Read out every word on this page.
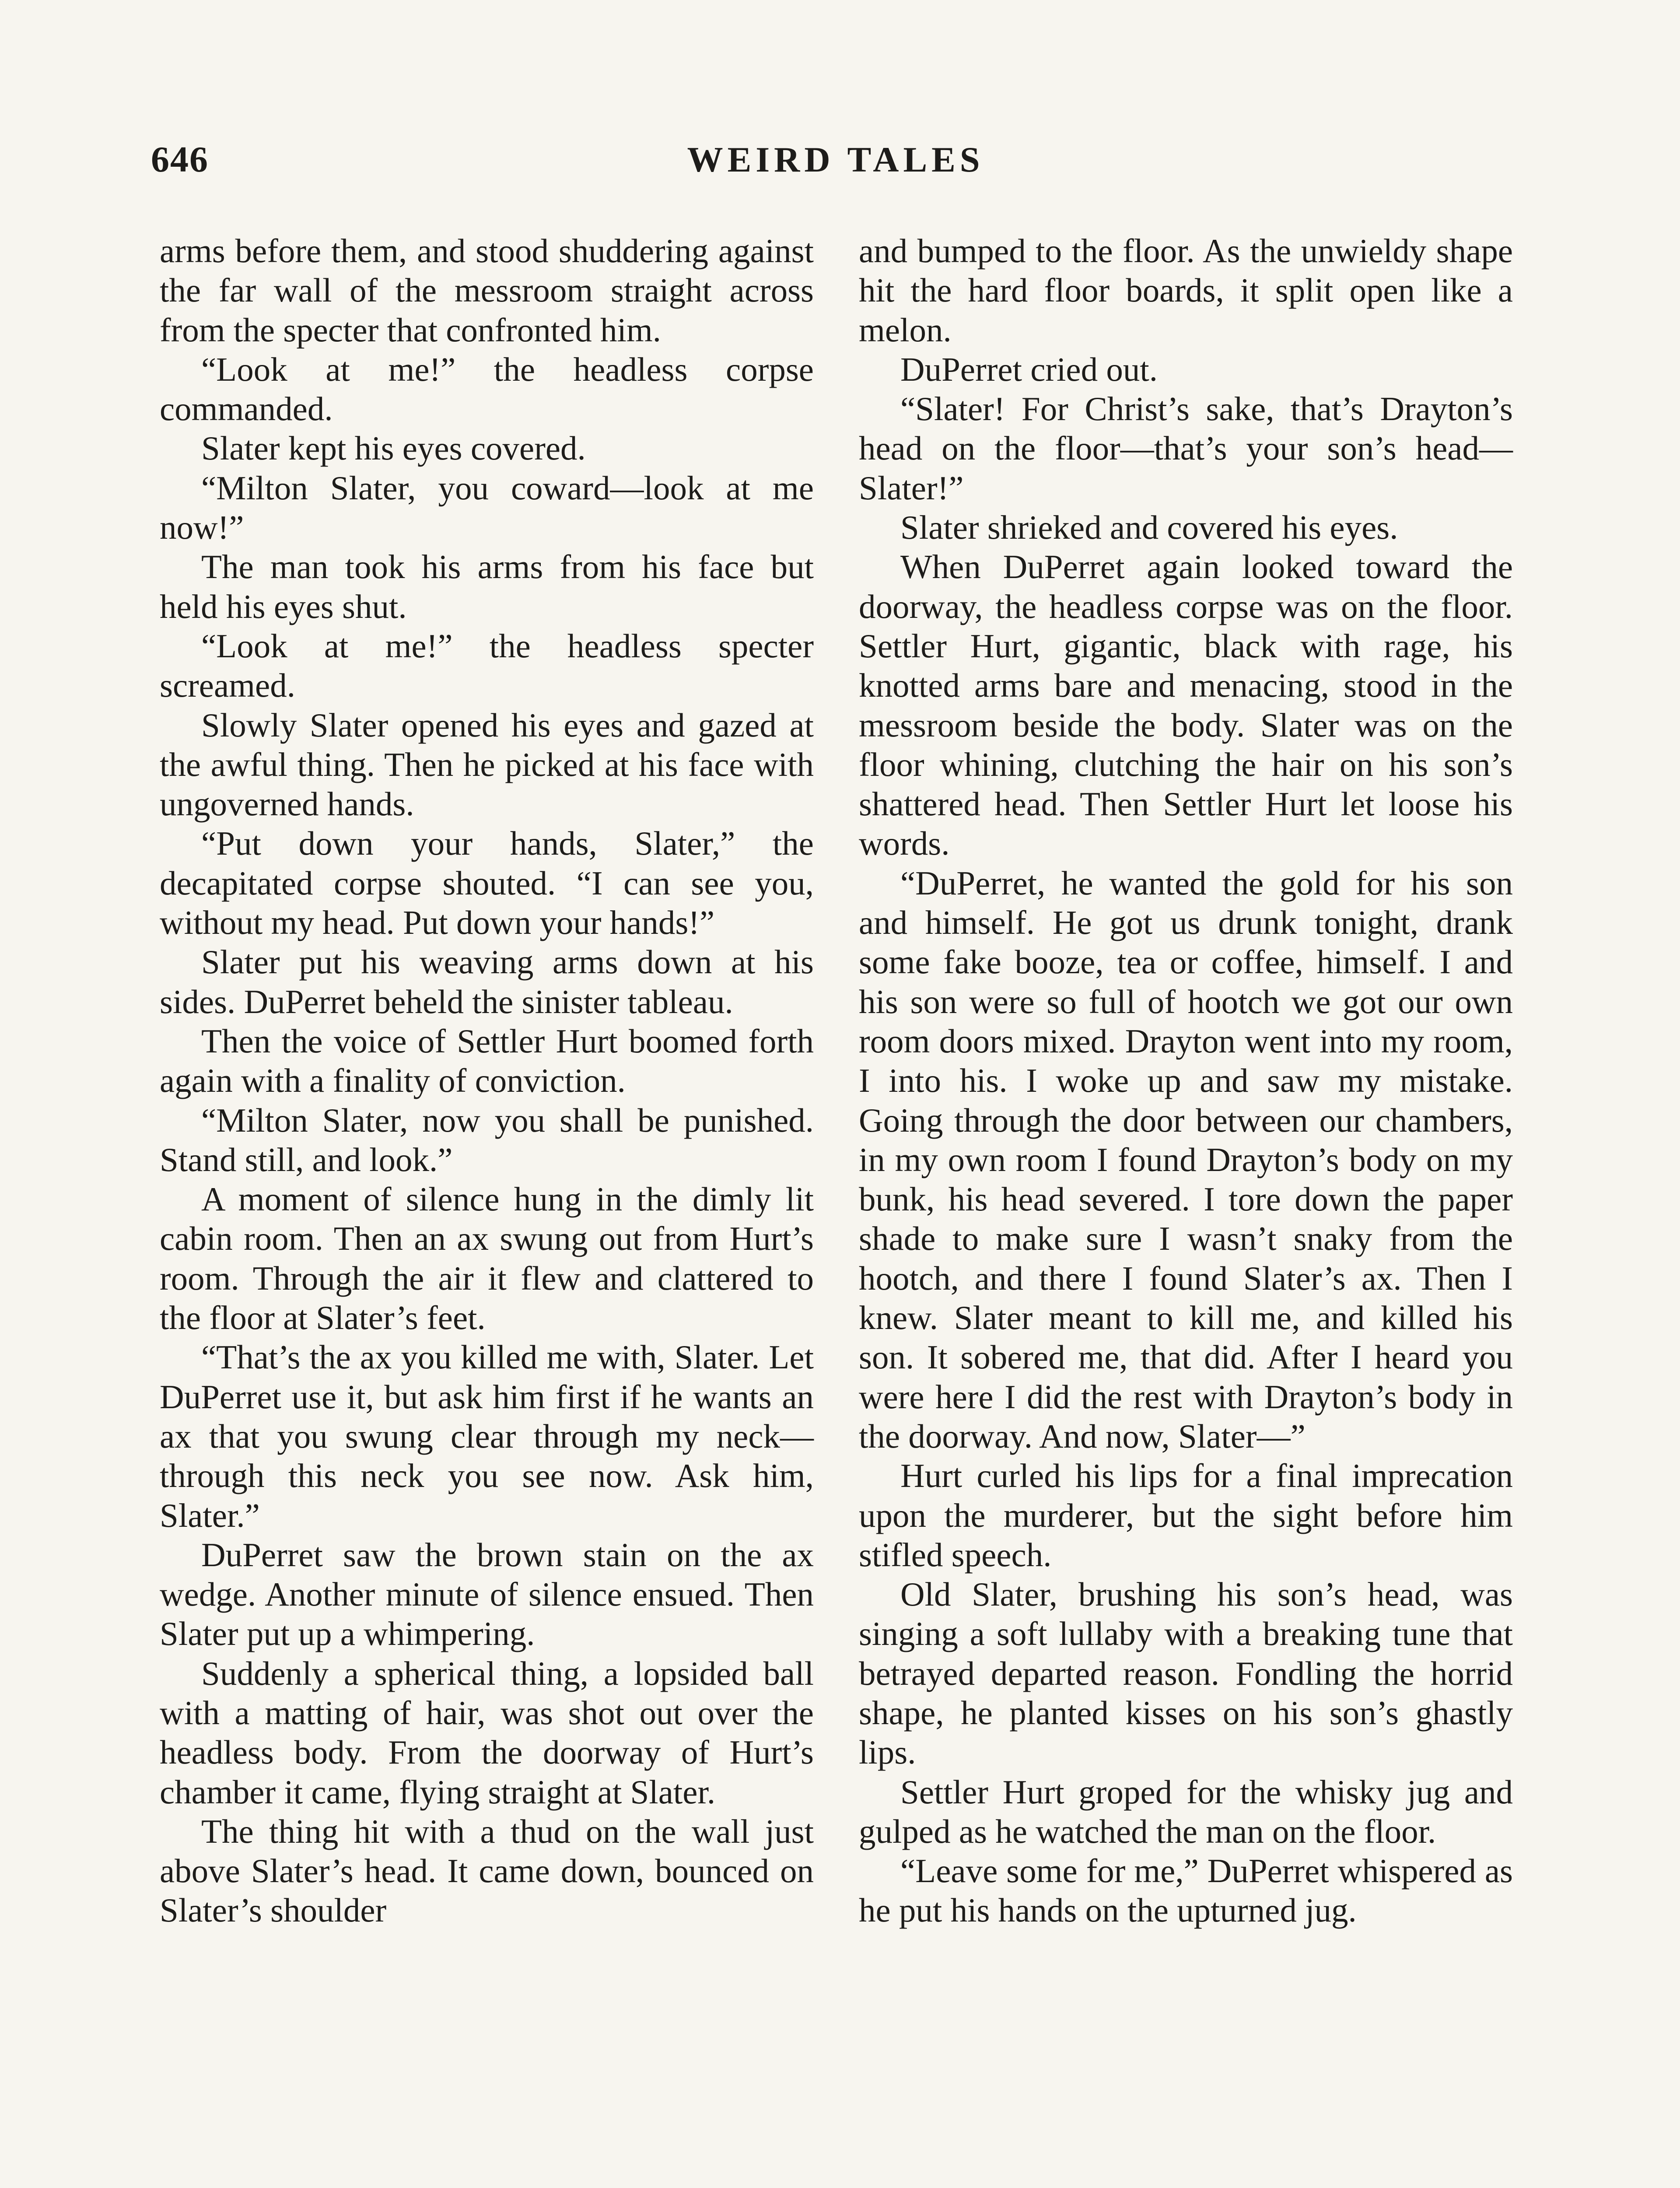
646	WEIRD TALES

arms before them, and stood shuddering against the far wall of the messroom straight across from the specter that confronted him.

“Look at me!” the headless corpse commanded.

Slater kept his eyes covered.

“Milton Slater, you coward—look at me now!”

The man took his arms from his face but held his eyes shut.

“Look at me!” the headless specter screamed.

Slowly Slater opened his eyes and gazed at the awful thing. Then he picked at his face with ungoverned hands.

“Put down your hands, Slater,” the decapitated corpse shouted. “I can see you, without my head. Put down your hands!”

Slater put his weaving arms down at his sides. DuPerret beheld the sinister tableau.

Then the voice of Settler Hurt boomed forth again with a finality of conviction.

“Milton Slater, now you shall be punished. Stand still, and look.”

A moment of silence hung in the dimly lit cabin room. Then an ax swung out from Hurt’s room. Through the air it flew and clattered to the floor at Slater’s feet.

“That’s the ax you killed me with, Slater. Let DuPerret use it, but ask him first if he wants an ax that you swung clear through my neck—through this neck you see now. Ask him, Slater.”

DuPerret saw the brown stain on the ax wedge. Another minute of silence ensued. Then Slater put up a whimpering.

Suddenly a spherical thing, a lopsided ball with a matting of hair, was shot out over the headless body. From the doorway of Hurt’s chamber it came, flying straight at Slater.

The thing hit with a thud on the wall just above Slater’s head. It came down, bounced on Slater’s shoulder

and bumped to the floor. As the unwieldy shape hit the hard floor boards, it split open like a melon.

DuPerret cried out.

“Slater! For Christ’s sake, that’s Drayton’s head on the floor—that’s your son’s head—Slater!”

Slater shrieked and covered his eyes.

When DuPerret again looked toward the doorway, the headless corpse was on the floor. Settler Hurt, gigantic, black with rage, his knotted arms bare and menacing, stood in the messroom beside the body. Slater was on the floor whining, clutching the hair on his son’s shattered head. Then Settler Hurt let loose his words.

“DuPerret, he wanted the gold for his son and himself. He got us drunk tonight, drank some fake booze, tea or coffee, himself. I and his son were so full of hootch we got our own room doors mixed. Drayton went into my room, I into his. I woke up and saw my mistake. Going through the door between our chambers, in my own room I found Drayton’s body on my bunk, his head severed. I tore down the paper shade to make sure I wasn’t snaky from the hootch, and there I found Slater’s ax. Then I knew. Slater meant to kill me, and killed his son. It sobered me, that did. After I heard you were here I did the rest with Drayton’s body in the doorway. And now, Slater—”

Hurt curled his lips for a final imprecation upon the murderer, but the sight before him stifled speech.

Old Slater, brushing his son’s head, was singing a soft lullaby with a breaking tune that betrayed departed reason. Fondling the horrid shape, he planted kisses on his son’s ghastly lips.

Settler Hurt groped for the whisky jug and gulped as he watched the man on the floor.

“Leave some for me,” DuPerret whispered as he put his hands on the upturned jug.
